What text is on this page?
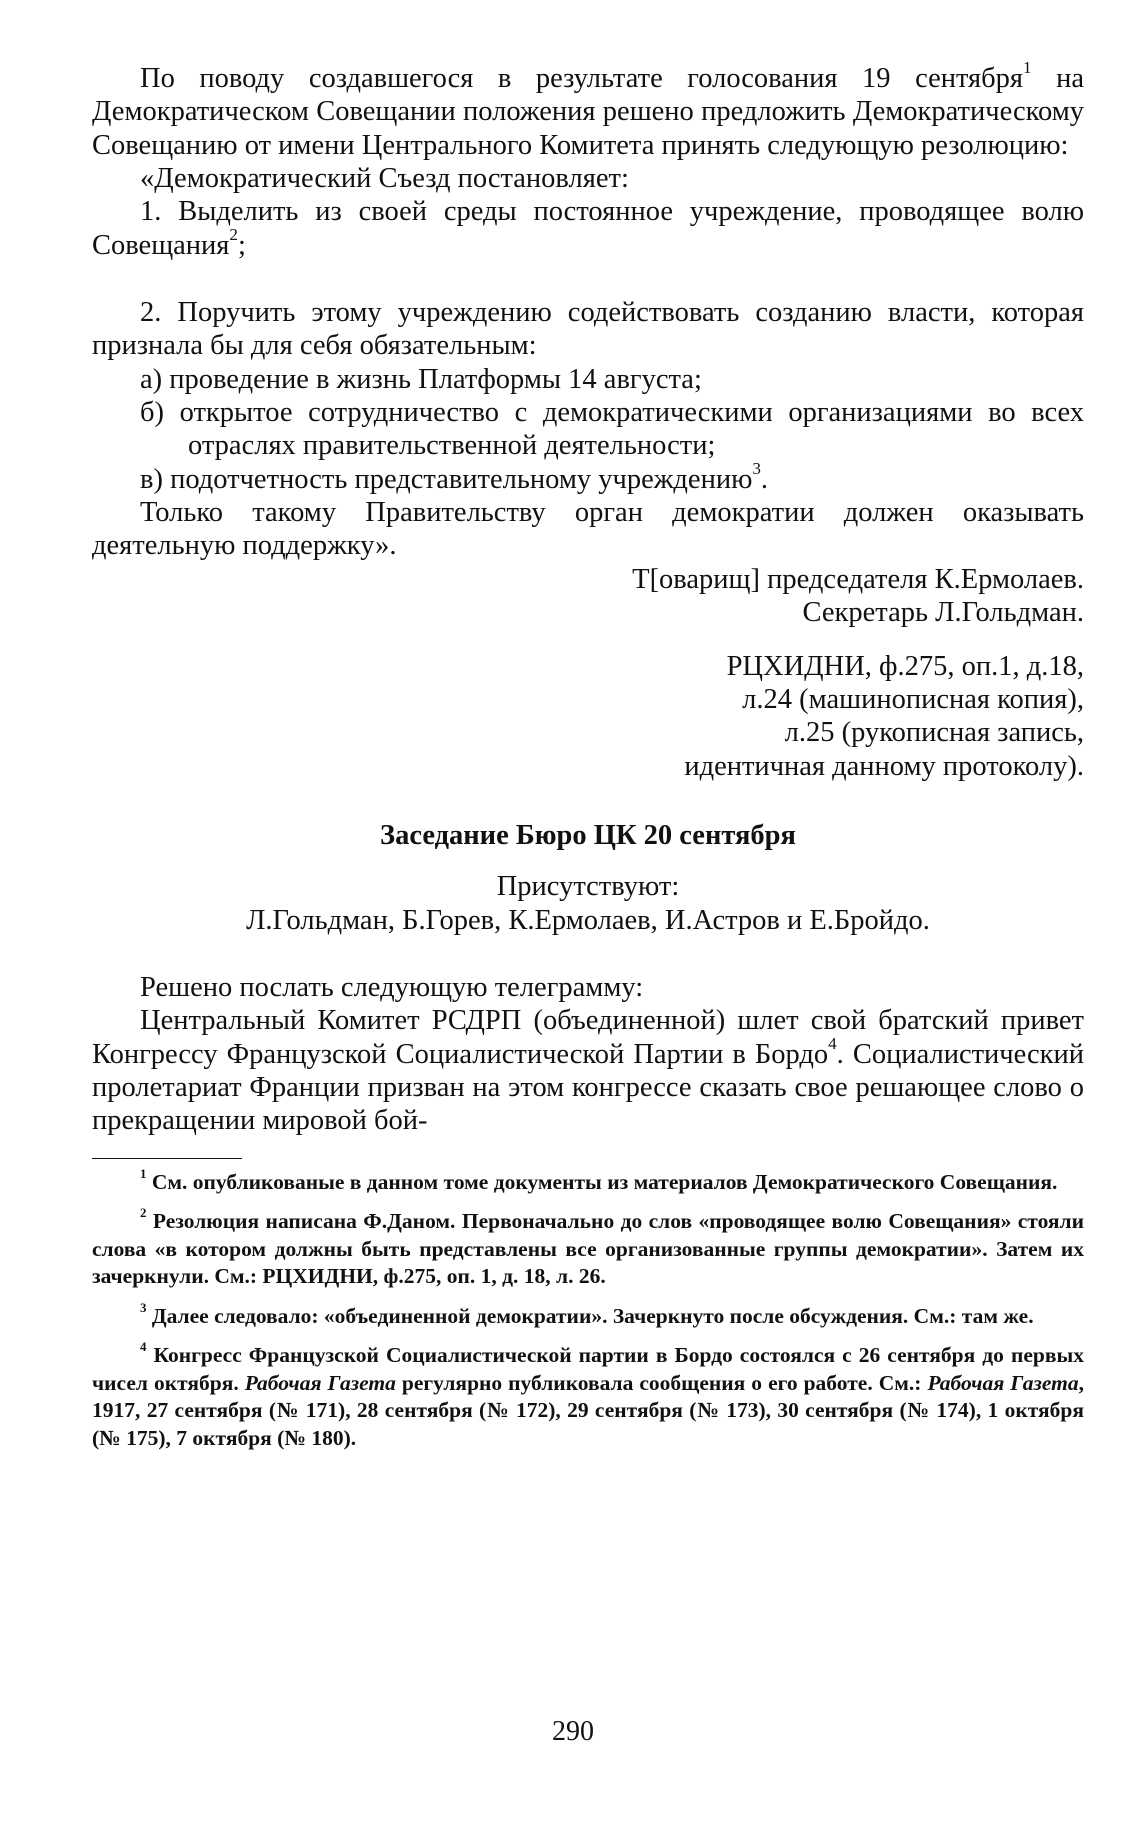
По поводу создавшегося в результате голосования 19 сентября$^1$ на Демократическом Совещании положения решено предложить Демократическому Совещанию от имени Центрального Комитета принять следующую резолюцию:

«Демократический Съезд постановляет:

1. Выделить из своей среды постоянное учреждение, проводящее волю Совещания$^2$;

2. Поручить этому учреждению содействовать созданию власти, которая признала бы для себя обязательным:

а) проведение в жизнь Платформы 14 августа;

б) открытое сотрудничество с демократическими организациями во всех отраслях правительственной деятельности;

в) подотчетность представительному учреждению$^3$.

Только такому Правительству орган демократии должен оказывать деятельную поддержку».

Т[оварищ] председателя К.Ермолаев.

Секретарь Л.Гольдман.

РЦХИДНИ, ф.275, оп.1, д.18,

л.24 (машинописная копия),

л.25 (рукописная запись,

идентичная данному протоколу).

Заседание Бюро ЦК 20 сентября

Присутствуют:

Л.Гольдман, Б.Горев, К.Ермолаев, И.Астров и Е.Бройдо.

Решено послать следующую телеграмму:

Центральный Комитет РСДРП (объединенной) шлет свой братский привет Конгрессу Французской Социалистической Партии в Бордо$^4$. Социалистический пролетариат Франции призван на этом конгрессе сказать свое решающее слово о прекращении мировой бой-

$^1$ См. опубликованые в данном томе документы из материалов Демократического Совещания.

$^2$ Резолюция написана Ф.Даном. Первоначально до слов «проводящее волю Совещания» стояли слова «в котором должны быть представлены все организованные группы демократии». Затем их зачеркнули. См.: РЦХИДНИ, ф.275, оп. 1, д. 18, л. 26.

$^3$ Далее следовало: «объединенной демократии». Зачеркнуто после обсуждения. См.: там же.

$^4$ Конгресс Французской Социалистической партии в Бордо состоялся с 26 сентября до первых чисел октября. Рабочая Газета регулярно публиковала сообщения о его работе. См.: Рабочая Газета, 1917, 27 сентября (№ 171), 28 сентября (№ 172), 29 сентября (№ 173), 30 сентября (№ 174), 1 октября (№ 175), 7 октября (№ 180).

290
